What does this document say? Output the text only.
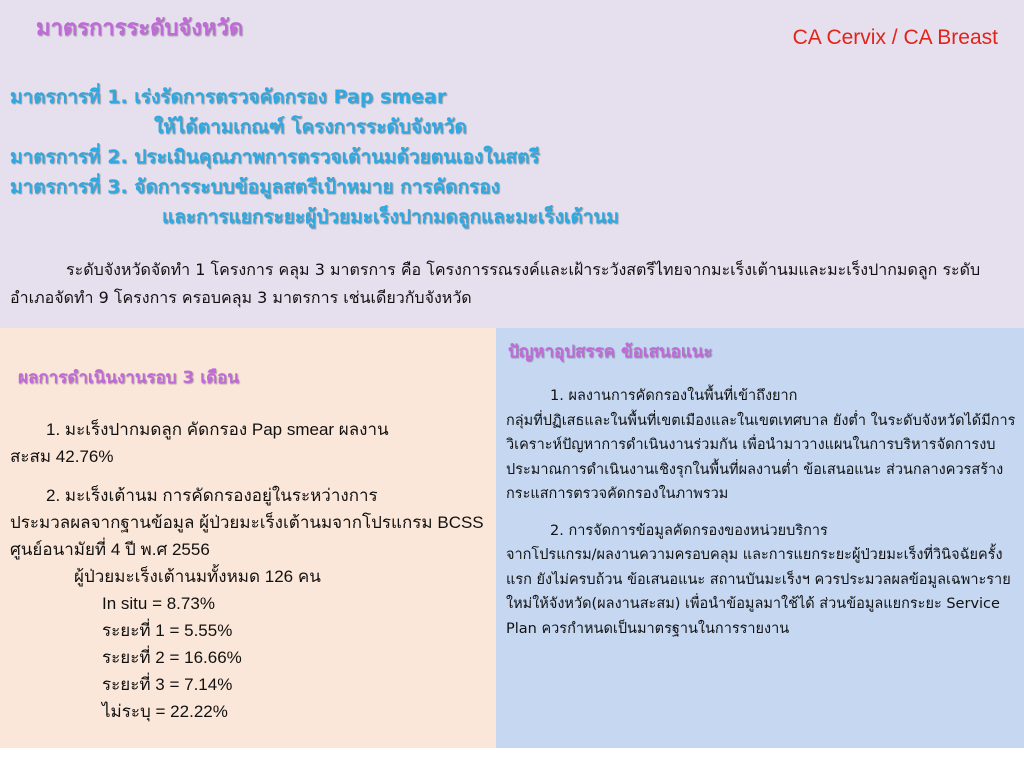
มาตรการระดับจังหวัด	CA Cervix / CA Breast
มาตรการที่ 1. เร่งรัดการตรวจคัดกรอง Pap smear
ให้ได้ตามเกณฑ์ โครงการระดับจังหวัด
มาตรการที่ 2. ประเมินคุณภาพการตรวจเต้านมด้วยตนเองในสตรี
มาตรการที่ 3. จัดการระบบข้อมูลสตรีเป้าหมาย การคัดกรอง
และการแยกระยะผู้ป่วยมะเร็งปากมดลูกและมะเร็งเต้านม
ระดับจังหวัดจัดทำ 1 โครงการ คลุม 3 มาตรการ คือ โครงการรณรงค์และเฝ้าระวังสตรีไทยจากมะเร็งเต้านมและมะเร็งปากมดลูก ระดับอำเภอจัดทำ 9 โครงการ ครอบคลุม 3 มาตรการ เช่นเดียวกับจังหวัด
ผลการดำเนินงานรอบ 3 เดือน

1. มะเร็งปากมดลูก คัดกรอง Pap smear ผลงาน

สะสม 42.76%

2. มะเร็งเต้านม การคัดกรองอยู่ในระหว่างการ

ประมวลผลจากฐานข้อมูล ผู้ป่วยมะเร็งเต้านมจากโปรแกรม BCSS ศูนย์อนามัยที่ 4 ปี พ.ศ 2556

ผู้ป่วยมะเร็งเต้านมทั้งหมด 126 คน

In situ = 8.73%

ระยะที่ 1 = 5.55%

ระยะที่ 2 = 16.66%

ระยะที่ 3 = 7.14%

ไม่ระบุ = 22.22%

ปัญหาอุปสรรค ข้อเสนอแนะ

1. ผลงานการคัดกรองในพื้นที่เข้าถึงยาก

กลุ่มที่ปฏิเสธและในพื้นที่เขตเมืองและในเขตเทศบาล ยังต่ำ ในระดับจังหวัดได้มีการวิเคราะห์ปัญหาการดำเนินงานร่วมกัน เพื่อนำมาวางแผนในการบริหารจัดการงบประมาณการดำเนินงานเชิงรุกในพื้นที่ผลงานต่ำ ข้อเสนอแนะ ส่วนกลางควรสร้างกระแสการตรวจคัดกรองในภาพรวม

2. การจัดการข้อมูลคัดกรองของหน่วยบริการ

จากโปรแกรม/ผลงานความครอบคลุม และการแยกระยะผู้ป่วยมะเร็งที่วินิจฉัยครั้งแรก ยังไม่ครบถ้วน ข้อเสนอแนะ สถานบันมะเร็งฯ ควรประมวลผลข้อมูลเฉพาะรายใหม่ให้จังหวัด(ผลงานสะสม) เพื่อนำข้อมูลมาใช้ได้ ส่วนข้อมูลแยกระยะ Service Plan ควรกำหนดเป็นมาตรฐานในการรายงาน
